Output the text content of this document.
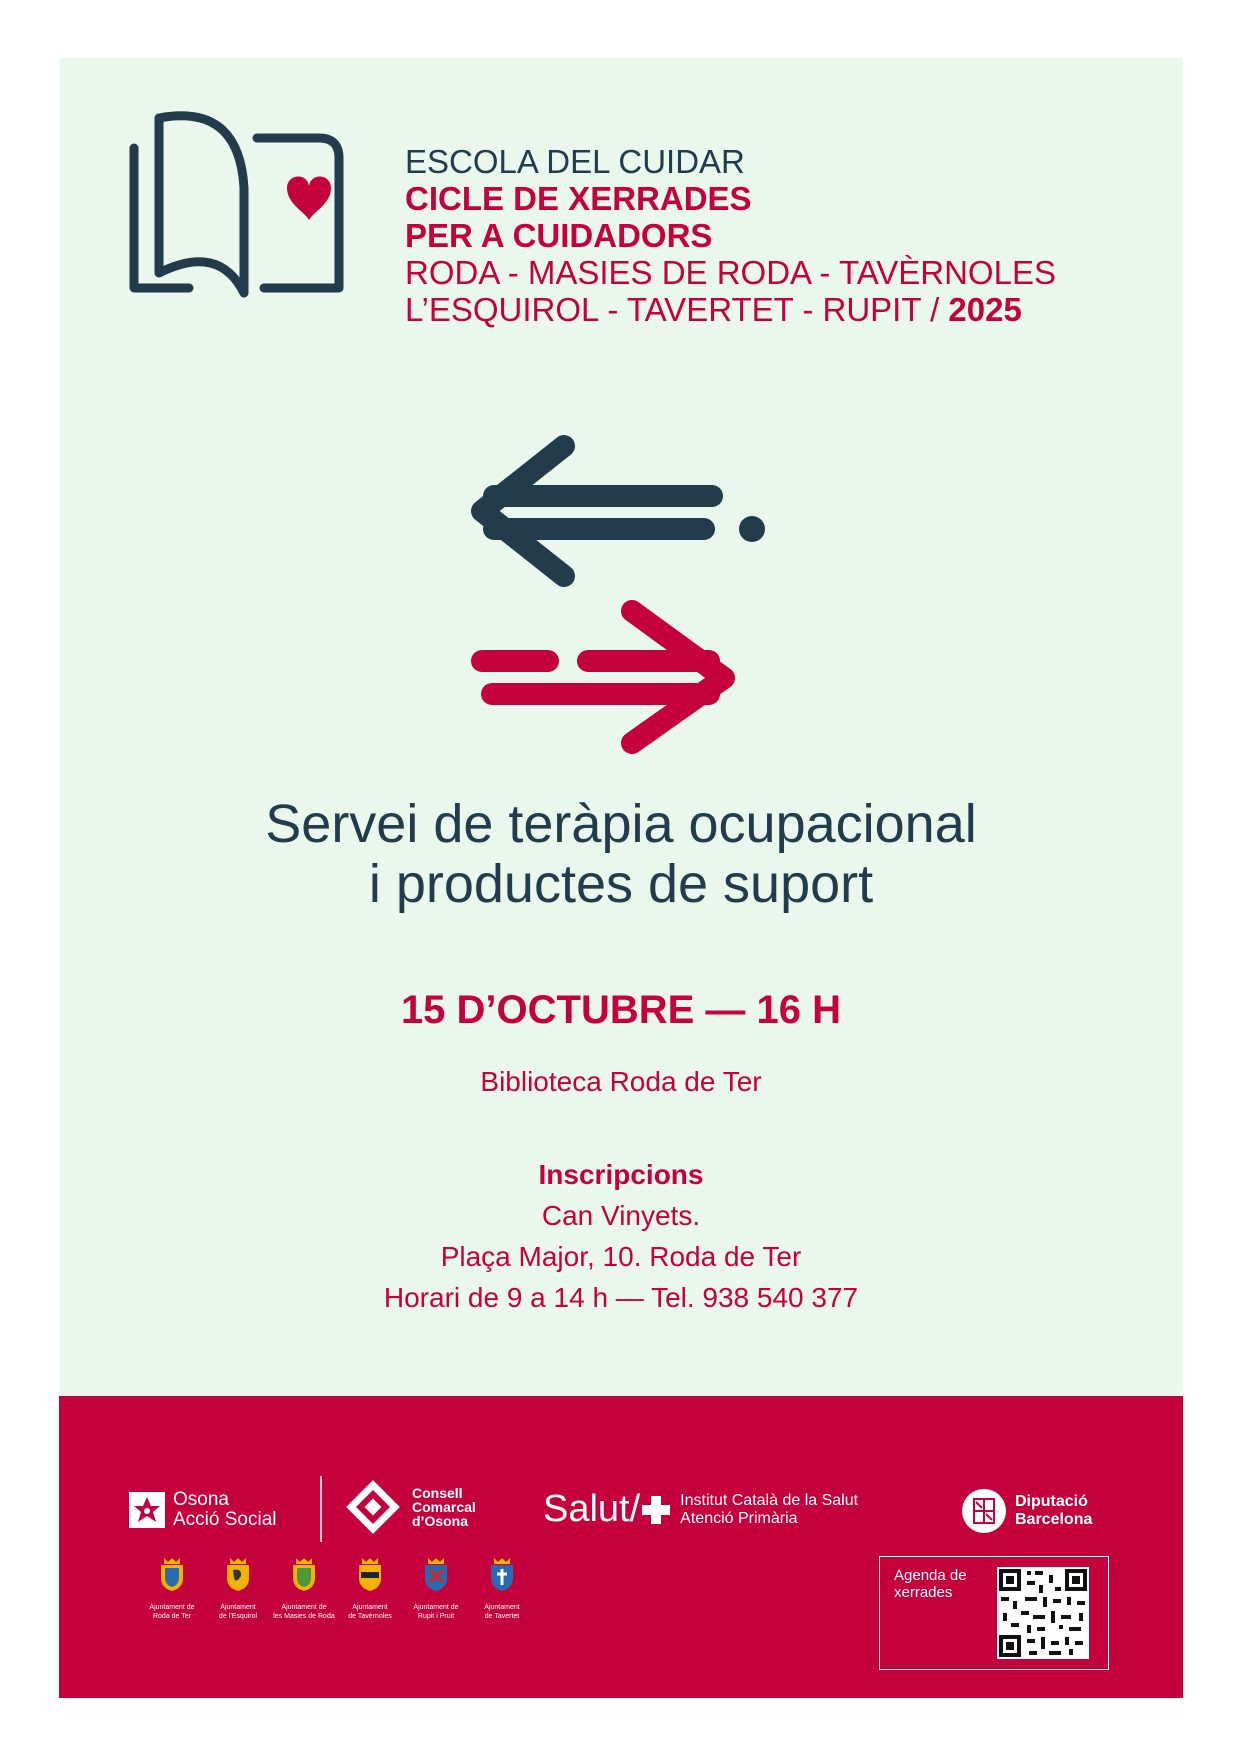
ESCOLA DEL CUIDAR
CICLE DE XERRADES
PER A CUIDADORS
RODA - MASIES DE RODA - TAVÈRNOLES
L’ESQUIROL - TAVERTET - RUPIT / 2025
Servei de teràpia ocupacional
i productes de suport
15 D’OCTUBRE — 16 H
Biblioteca Roda de Ter
Inscripcions
Can Vinyets.
Plaça Major, 10. Roda de Ter
Horari de 9 a 14 h — Tel. 938 540 377
Osona
Acció Social
Consell
Comarcal
d’Osona Salut/	Institut Català de la Salut
Atenció Primària
Diputació
Barcelona
Ajuntament de
Roda de Ter
Ajuntament
de l’Esquirol
Ajuntament de
les Masies de Roda
Ajuntament
de Tavèrnoles
Ajuntament de
Rupit i Pruit
Ajuntament
de Tavertet
Agenda de
xerrades
